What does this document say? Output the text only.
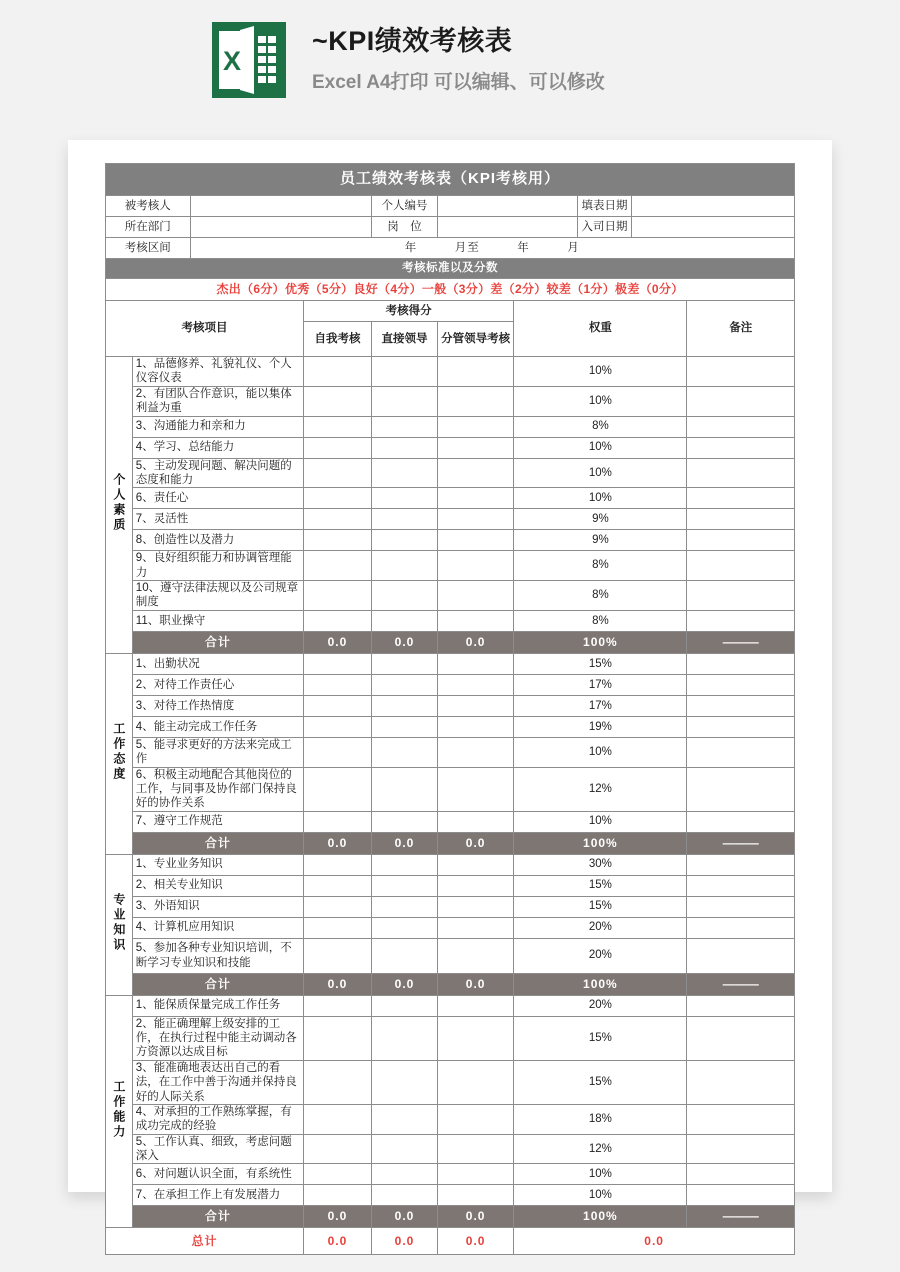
X
~KPI绩效考核表
Excel A4打印 可以编辑、可以修改
员工绩效考核表（KPI考核用）									
被考核人				个人编号			填表日期		
所在部门				岗　位			入司日期		
考核区间		年　　　月至　　　年　　　月							
考核标准以及分数									
杰出（6分）优秀（5分）良好（4分）一般（3分）差（2分）较差（1分）极差（0分）									
考核项目			考核得分			权重			备注
			自我考核	直接领导	分管领导考核				
个人素质	1、品德修养、礼貌礼仪、个人仪容仪表					10%			
	2、有团队合作意识，能以集体利益为重					10%			
	3、沟通能力和亲和力					8%			
	4、学习、总结能力					10%			
	5、主动发现问题、解决问题的态度和能力					10%			
	6、责任心					10%			
	7、灵活性					9%			
	8、创造性以及潜力					9%			
	9、良好组织能力和协调管理能力					8%			
	10、遵守法律法规以及公司规章制度					8%			
	11、职业操守					8%			
	合计		0.0	0.0	0.0	100%			———
工作态度	1、出勤状况					15%			
	2、对待工作责任心					17%			
	3、对待工作热情度					17%			
	4、能主动完成工作任务					19%			
	5、能寻求更好的方法来完成工作					10%			
	6、积极主动地配合其他岗位的工作，与同事及协作部门保持良好的协作关系					12%			
	7、遵守工作规范					10%			
	合计		0.0	0.0	0.0	100%			———
专业知识	1、专业业务知识					30%			
	2、相关专业知识					15%			
	3、外语知识					15%			
	4、计算机应用知识					20%			
	5、参加各种专业知识培训，不断学习专业知识和技能					20%			
	合计		0.0	0.0	0.0	100%			———
工作能力	1、能保质保量完成工作任务					20%			
	2、能正确理解上级安排的工作，在执行过程中能主动调动各方资源以达成目标					15%			
	3、能准确地表达出自己的看法，在工作中善于沟通并保持良好的人际关系					15%			
	4、对承担的工作熟练掌握，有成功完成的经验					18%			
	5、工作认真、细致，考虑问题深入					12%			
	6、对问题认识全面，有系统性					10%			
	7、在承担工作上有发展潜力					10%			
	合计		0.0	0.0	0.0	100%			———
总计			0.0	0.0	0.0	0.0			
